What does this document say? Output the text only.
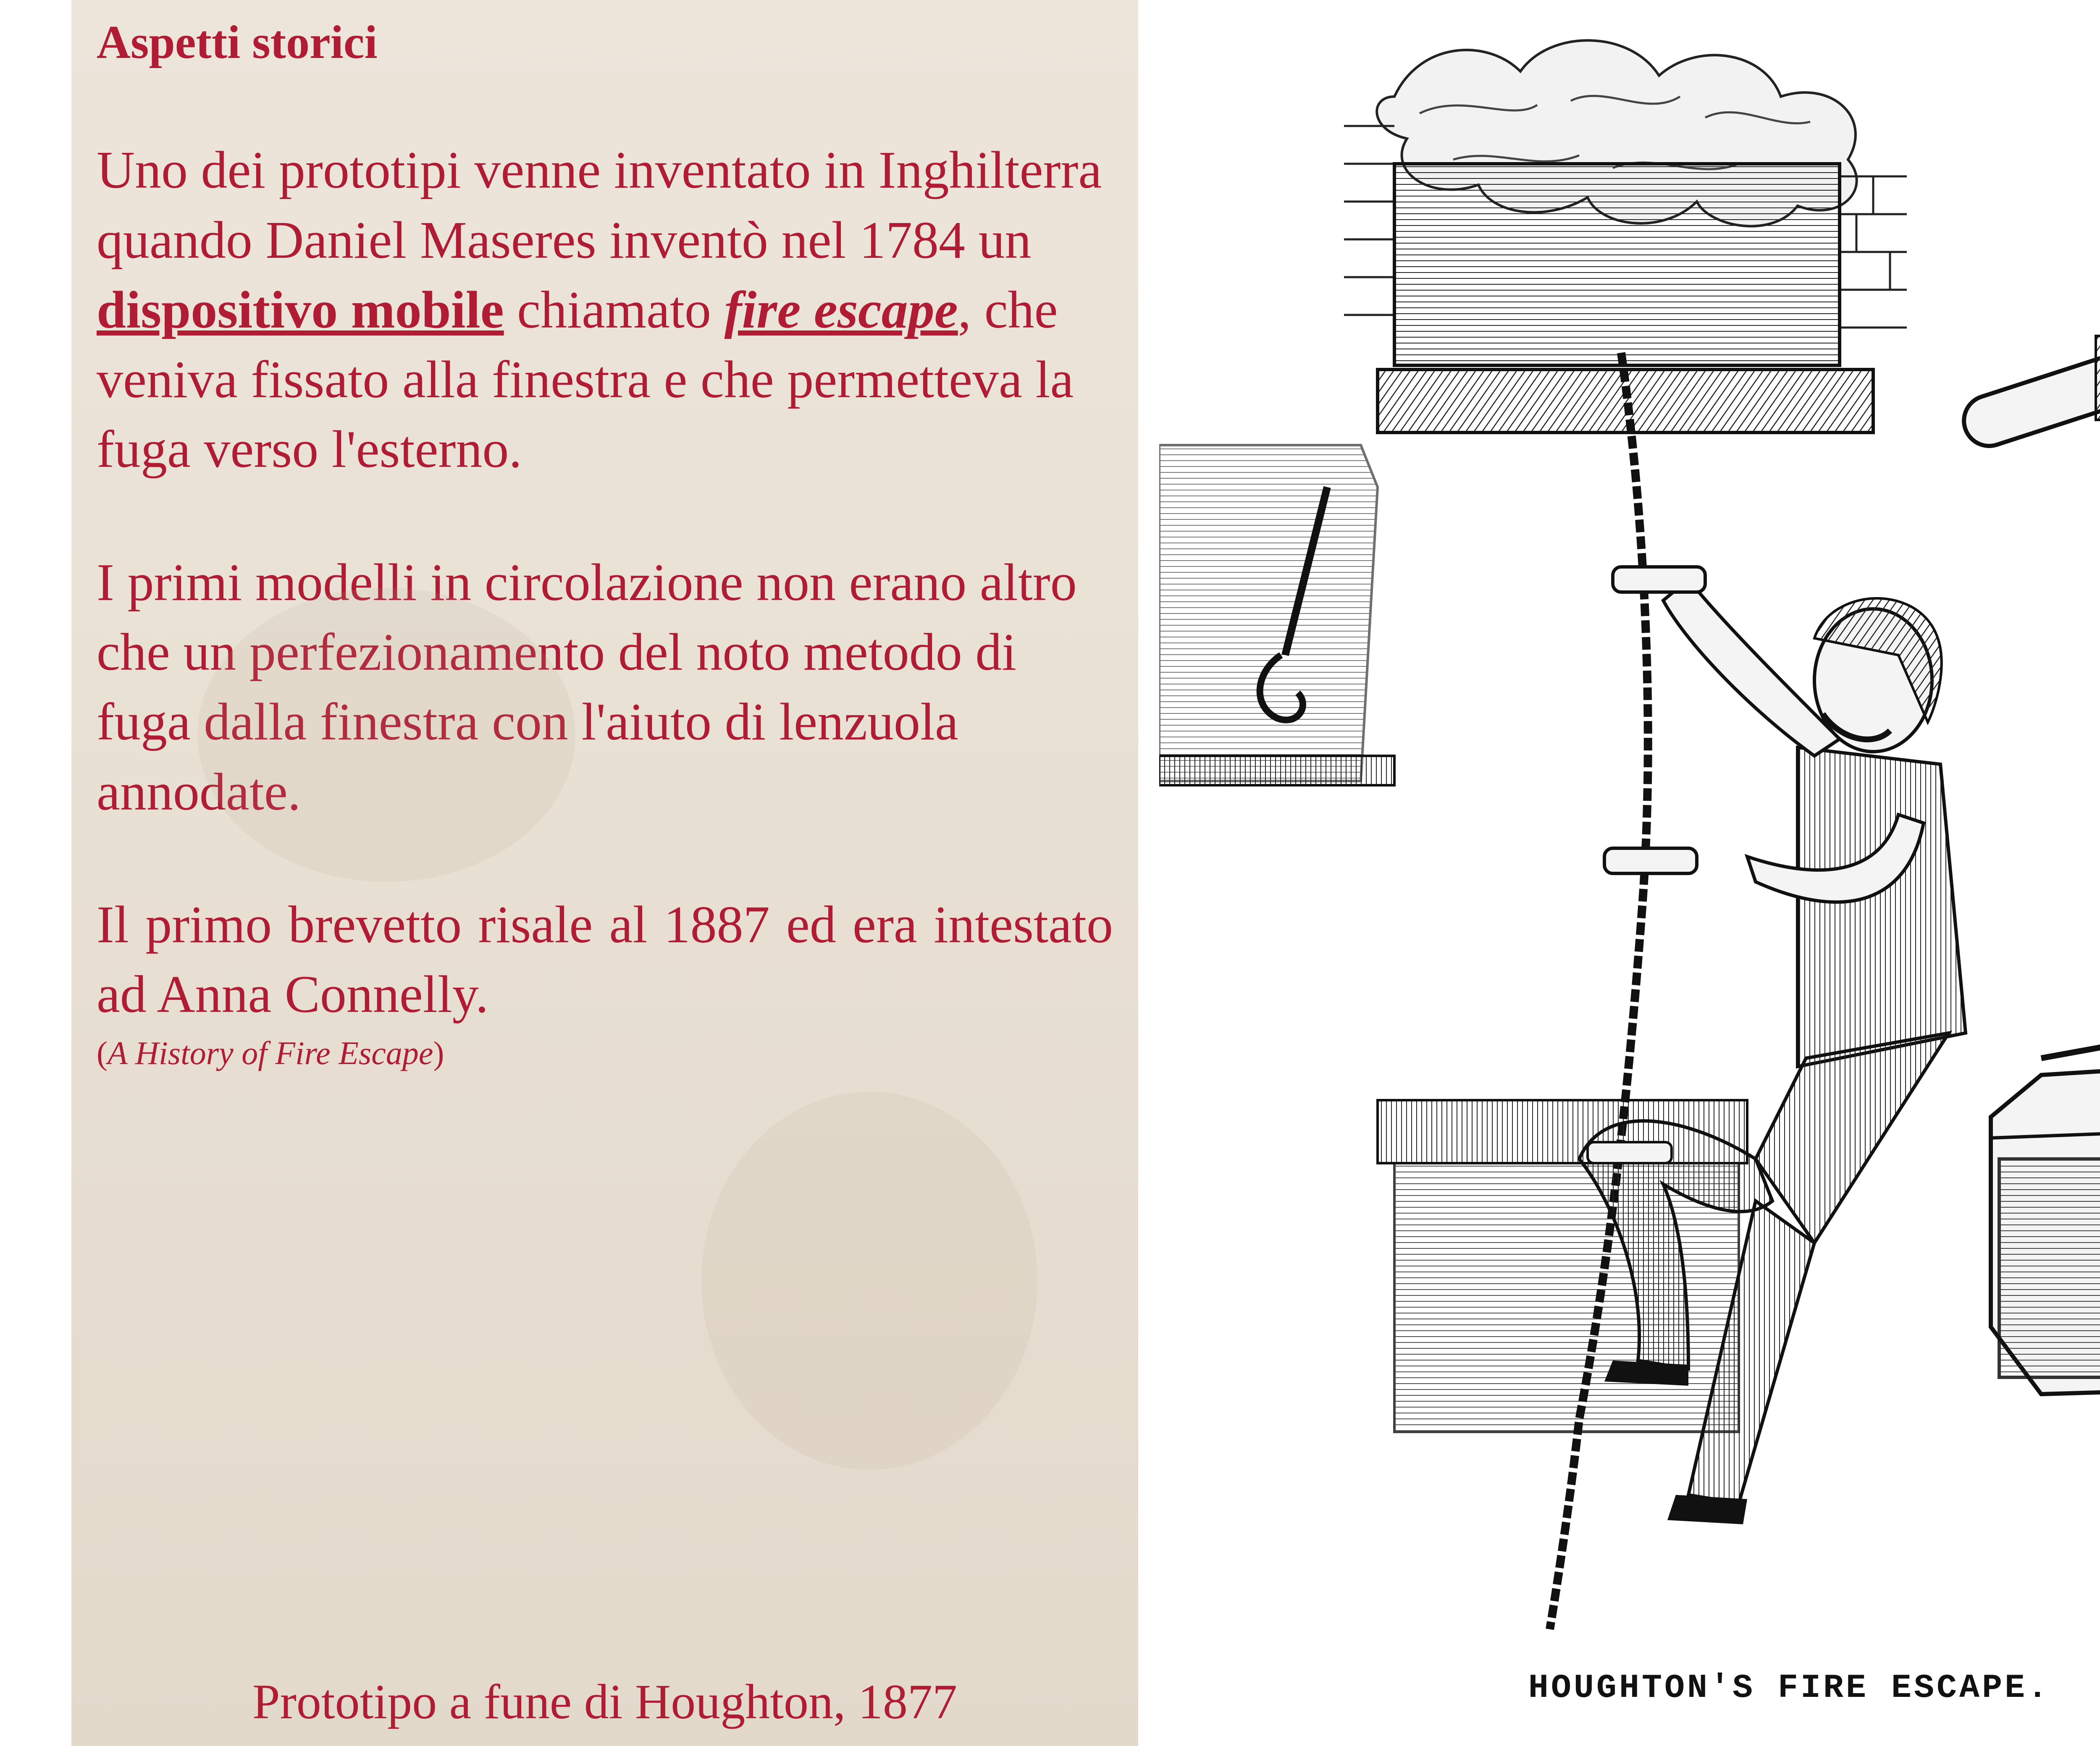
Aspetti storici

Uno dei prototipi venne inventato in Inghilterra quando Daniel Maseres inventò nel 1784 un dispositivo mobile chiamato fire escape, che veniva fissato alla finestra e che permetteva la fuga verso l'esterno.

I primi modelli in circolazione non erano altro che un perfezionamento del noto metodo di fuga dalla finestra con l'aiuto di lenzuola annodate.

Il primo brevetto risale al 1887 ed era intestato ad Anna Connelly.

(A History of Fire Escape)
Prototipo a fune di Houghton, 1877	HOUGHTON'S FIRE ESCAPE.
